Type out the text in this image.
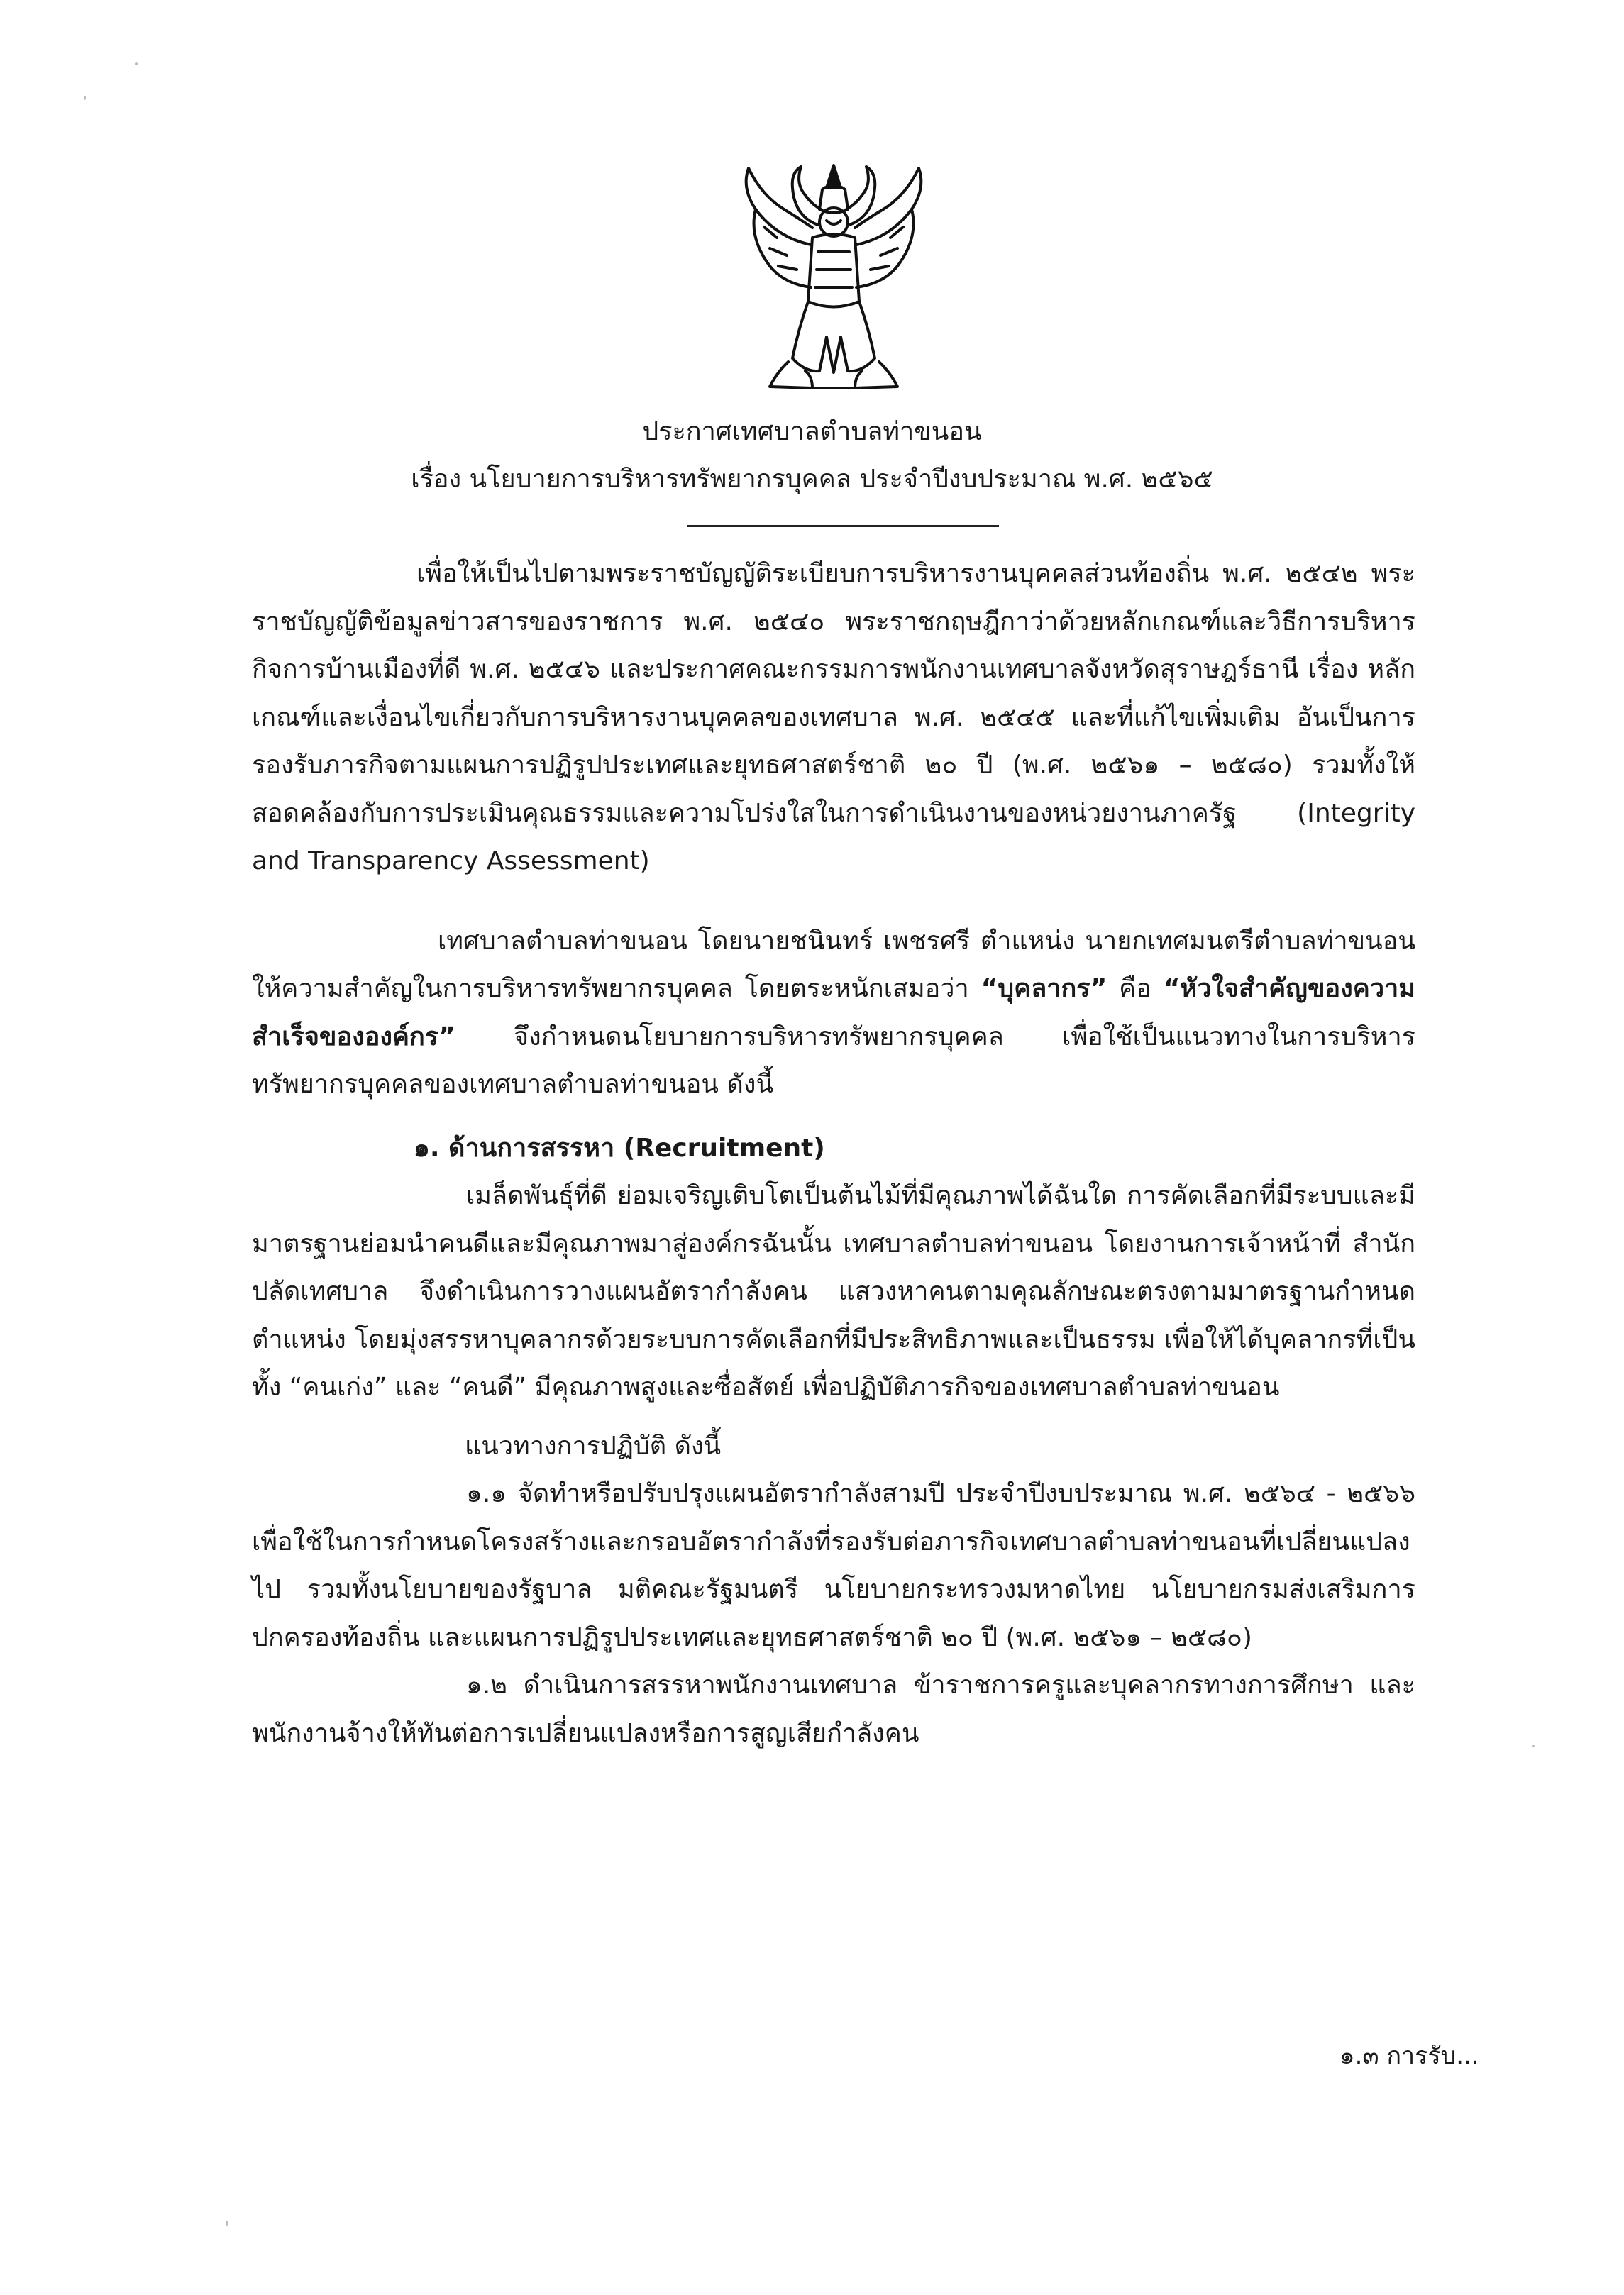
ประกาศเทศบาลตำบลท่าขนอน
เรื่อง นโยบายการบริหารทรัพยากรบุคคล ประจำปีงบประมาณ พ.ศ. ๒๕๖๕

เพื่อให้เป็นไปตามพระราชบัญญัติระเบียบการบริหารงานบุคคลส่วนท้องถิ่น พ.ศ. ๒๕๔๒ พระราชบัญญัติข้อมูลข่าวสารของราชการ พ.ศ. ๒๕๔๐ พระราชกฤษฎีกาว่าด้วยหลักเกณฑ์และวิธีการบริหารกิจการบ้านเมืองที่ดี พ.ศ. ๒๕๔๖ และประกาศคณะกรรมการพนักงานเทศบาลจังหวัดสุราษฎร์ธานี เรื่อง หลักเกณฑ์และเงื่อนไขเกี่ยวกับการบริหารงานบุคคลของเทศบาล พ.ศ. ๒๕๔๕ และที่แก้ไขเพิ่มเติม อันเป็นการรองรับภารกิจตามแผนการปฏิรูปประเทศและยุทธศาสตร์ชาติ ๒๐ ปี (พ.ศ. ๒๕๖๑ – ๒๕๘๐) รวมทั้งให้สอดคล้องกับการประเมินคุณธรรมและความโปร่งใสในการดำเนินงานของหน่วยงานภาครัฐ (Integrity and Transparency Assessment)

เทศบาลตำบลท่าขนอน โดยนายชนินทร์ เพชรศรี ตำแหน่ง นายกเทศมนตรีตำบลท่าขนอน ให้ความสำคัญในการบริหารทรัพยากรบุคคล โดยตระหนักเสมอว่า “บุคลากร” คือ “หัวใจสำคัญของความสำเร็จขององค์กร” จึงกำหนดนโยบายการบริหารทรัพยากรบุคคล เพื่อใช้เป็นแนวทางในการบริหารทรัพยากรบุคคลของเทศบาลตำบลท่าขนอน ดังนี้

๑. ด้านการสรรหา (Recruitment)

เมล็ดพันธุ์ที่ดี ย่อมเจริญเติบโตเป็นต้นไม้ที่มีคุณภาพได้ฉันใด การคัดเลือกที่มีระบบและมีมาตรฐานย่อมนำคนดีและมีคุณภาพมาสู่องค์กรฉันนั้น เทศบาลตำบลท่าขนอน โดยงานการเจ้าหน้าที่ สำนักปลัดเทศบาล จึงดำเนินการวางแผนอัตรากำลังคน แสวงหาคนตามคุณลักษณะตรงตามมาตรฐานกำหนดตำแหน่ง โดยมุ่งสรรหาบุคลากรด้วยระบบการคัดเลือกที่มีประสิทธิภาพและเป็นธรรม เพื่อให้ได้บุคลากรที่เป็นทั้ง “คนเก่ง” และ “คนดี” มีคุณภาพสูงและซื่อสัตย์ เพื่อปฏิบัติภารกิจของเทศบาลตำบลท่าขนอน

แนวทางการปฏิบัติ ดังนี้

๑.๑ จัดทำหรือปรับปรุงแผนอัตรากำลังสามปี ประจำปีงบประมาณ พ.ศ. ๒๕๖๔ - ๒๕๖๖ เพื่อใช้ในการกำหนดโครงสร้างและกรอบอัตรากำลังที่รองรับต่อภารกิจเทศบาลตำบลท่าขนอนที่เปลี่ยนแปลงไป รวมทั้งนโยบายของรัฐบาล มติคณะรัฐมนตรี นโยบายกระทรวงมหาดไทย นโยบายกรมส่งเสริมการปกครองท้องถิ่น และแผนการปฏิรูปประเทศและยุทธศาสตร์ชาติ ๒๐ ปี (พ.ศ. ๒๕๖๑ – ๒๕๘๐)

๑.๒ ดำเนินการสรรหาพนักงานเทศบาล ข้าราชการครูและบุคลากรทางการศึกษา และพนักงานจ้างให้ทันต่อการเปลี่ยนแปลงหรือการสูญเสียกำลังคน

๑.๓ การรับ...
